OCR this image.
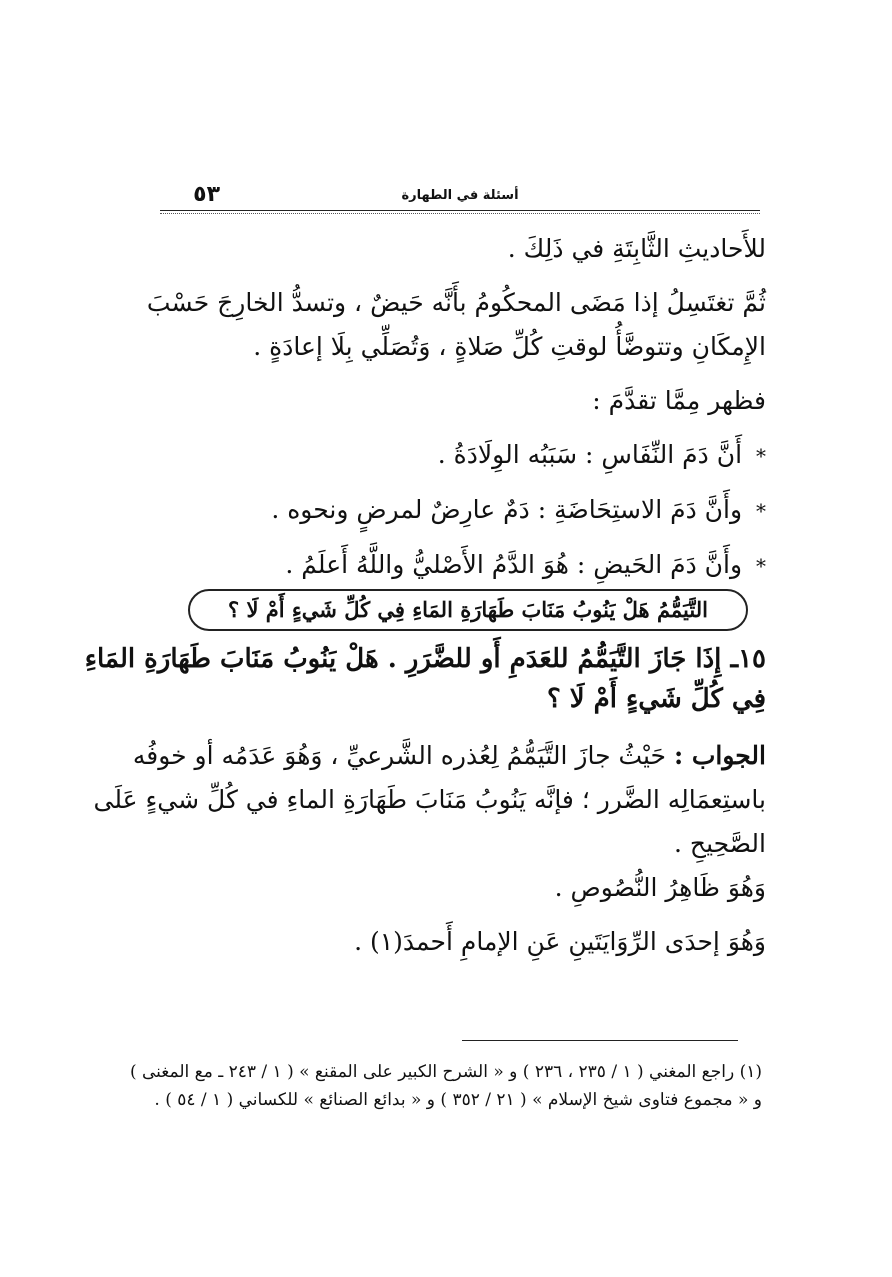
٥٣	أسئلة في الطهارة

للأَحاديثِ الثَّابِتَةِ في ذَلِكَ .

ثُمَّ تغتَسِلُ إذا مَضَى المحكُومُ بأَنَّه حَيضٌ ، وتسدُّ الخارِجَ حَسْبَ

الإِمكَانِ وتتوضَّأُ لوقتِ كُلِّ صَلاةٍ ، وَتُصَلِّي بِلَا إعادَةٍ .

فظهر مِمَّا تقدَّمَ :

* أَنَّ دَمَ النِّفَاسِ : سَبَبُه الوِلَادَةُ .

* وأَنَّ دَمَ الاستِحَاضَةِ : دَمٌ عارِضٌ لمرضٍ ونحوه .

* وأَنَّ دَمَ الحَيضِ : هُوَ الدَّمُ الأَصْليُّ واللَّهُ أَعلَمُ .

التَّيَمُّمُ هَلْ يَنُوبُ مَنَابَ طَهَارَةِ المَاءِ فِي كُلِّ شَيءٍ أَمْ لَا ؟

١٥ـ إِذَا جَازَ التَّيَمُّمُ للعَدَمِ أَو للضَّرَرِ . هَلْ يَنُوبُ مَنَابَ طَهَارَةِ المَاءِ

فِي كُلِّ شَيءٍ أَمْ لَا ؟

الجواب : حَيْثُ جازَ التَّيَمُّمُ لِعُذره الشَّرعيِّ ، وَهُوَ عَدَمُه أو خوفُه

باستِعمَالِه الضَّرر ؛ فإنَّه يَنُوبُ مَنَابَ طَهَارَةِ الماءِ في كُلِّ شيءٍ عَلَى

الصَّحِيحِ .

وَهُوَ ظَاهِرُ النُّصُوصِ .

وَهُوَ إحدَى الرِّوَايَتَينِ عَنِ الإمامِ أَحمدَ(١) .

(١) راجع المغني ( ١ / ٢٣٥ ، ٢٣٦ ) و « الشرح الكبير على المقنع » ( ١ / ٢٤٣ ـ مع المغنى )

و « مجموع فتاوى شيخ الإسلام » ( ٢١ / ٣٥٢ ) و « بدائع الصنائع » للكساني ( ١ / ٥٤ ) .
